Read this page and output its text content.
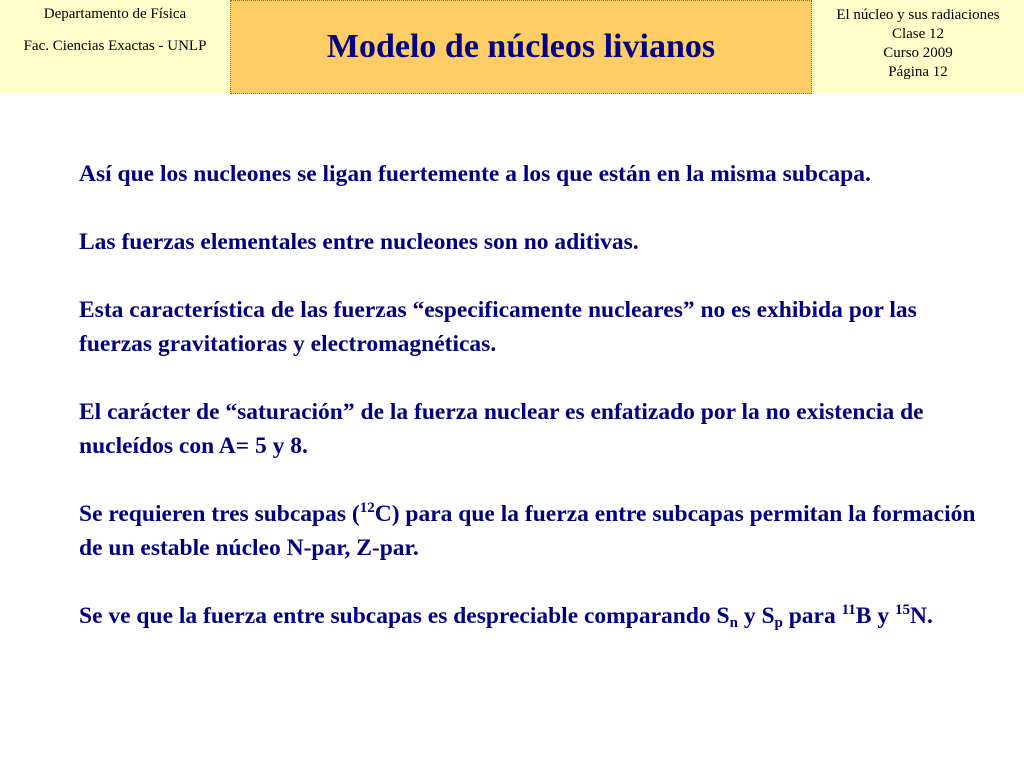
Departamento de Física
Fac. Ciencias Exactas - UNLP	Modelo de núcleos livianos
El núcleo y sus radiaciones
Clase 12
Curso 2009
Página 12

Así que los nucleones se ligan fuertemente a los que están en la misma subcapa.

Las fuerzas elementales entre nucleones son no aditivas.

Esta característica de las fuerzas “especificamente nucleares” no es exhibida por las fuerzas gravitatioras y electromagnéticas.

El carácter de “saturación” de la fuerza nuclear es enfatizado por la no existencia de nucleídos con A= 5 y 8.

Se requieren tres subcapas ($^{12}$C) para que la fuerza entre subcapas permitan la formación de un estable núcleo N-par, Z-par.

Se ve que la fuerza entre subcapas es despreciable comparando $S_n$ y $S_p$ para $^{11}$B y $^{15}$N.
